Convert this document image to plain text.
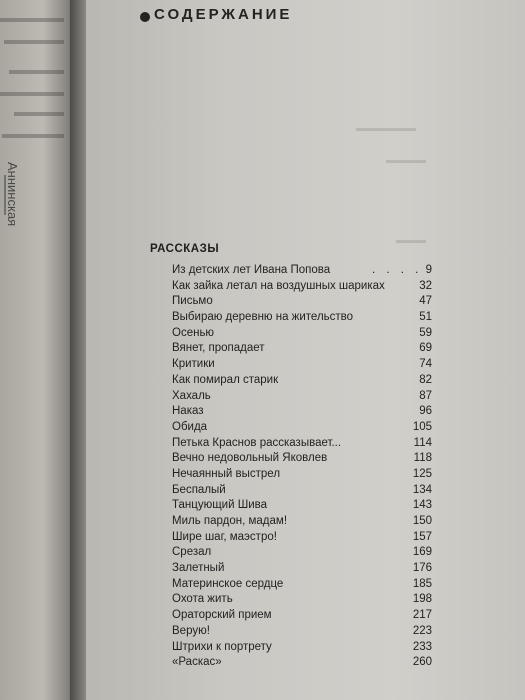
Аннинская
СОДЕРЖАНИЕ
РАССКАЗЫ
Из детских лет Ивана Попова	. . . . 9
Как зайка летал на воздушных шариках	32
Письмо	47
Выбираю деревню на жительство	51
Осенью	59
Вянет, пропадает	69
Критики	74
Как помирал старик	82
Хахаль	87
Наказ	96
Обида	105
Петька Краснов рассказывает...	114
Вечно недовольный Яковлев	118
Нечаянный выстрел	125
Беспалый	134
Танцующий Шива	143
Миль пардон, мадам!	150
Шире шаг, маэстро!	157
Срезал	169
Залетный	176
Материнское сердце	185
Охота жить	198
Ораторский прием	217
Верую!	223
Штрихи к портрету	233
«Раскас»	260
